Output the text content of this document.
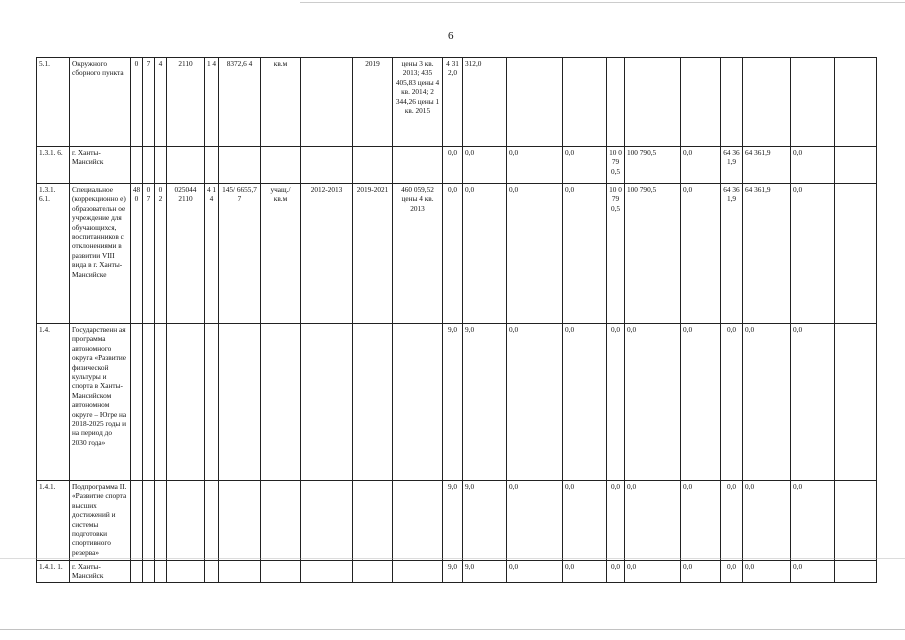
6
5.1.	Окружного сборного пункта	0	7	4	2110	1 4	8372,6 4	кв.м		2019	цены 3 кв. 2013; 435 405,83 цены 4 кв. 2014; 2 344,26 цены 1 кв. 2015	4 31 2,0	312,0									
1.3.1. 6.	г. Ханты-Мансийск											0,0	0,0	0,0	0,0	10 0 79 0,5	100 790,5	0,0	64 36 1,9	64 361,9	0,0	
1.3.1. 6.1.	Специальное (коррекционно е) образовательн ое учреждение для обучающихся, воспитанников с отклонениями в развитии VIII вида в г. Ханты-Мансийске	48 0	0 7	0 2	025044 2110	4 1 4	145/ 6655,7 7	учащ./ кв.м	2012-2013	2019-2021	460 059,52 цены 4 кв. 2013	0,0	0,0	0,0	0,0	10 0 79 0,5	100 790,5	0,0	64 36 1,9	64 361,9	0,0	
1.4.	Государственн ая программа автономного округа «Развитие физической культуры и спорта в Ханты-Мансийском автономном округе – Югре на 2018-2025 годы и на период до 2030 года»											9,0	9,0	0,0	0,0	0,0	0,0	0,0	0,0	0,0	0,0	
1.4.1.	Подпрограмма II. «Развитие спорта высших достижений и системы подготовки спортивного резерва»											9,0	9,0	0,0	0,0	0,0	0,0	0,0	0,0	0,0	0,0	
1.4.1. 1.	г. Ханты-Мансийск											9,0	9,0	0,0	0,0	0,0	0,0	0,0	0,0	0,0	0,0	
